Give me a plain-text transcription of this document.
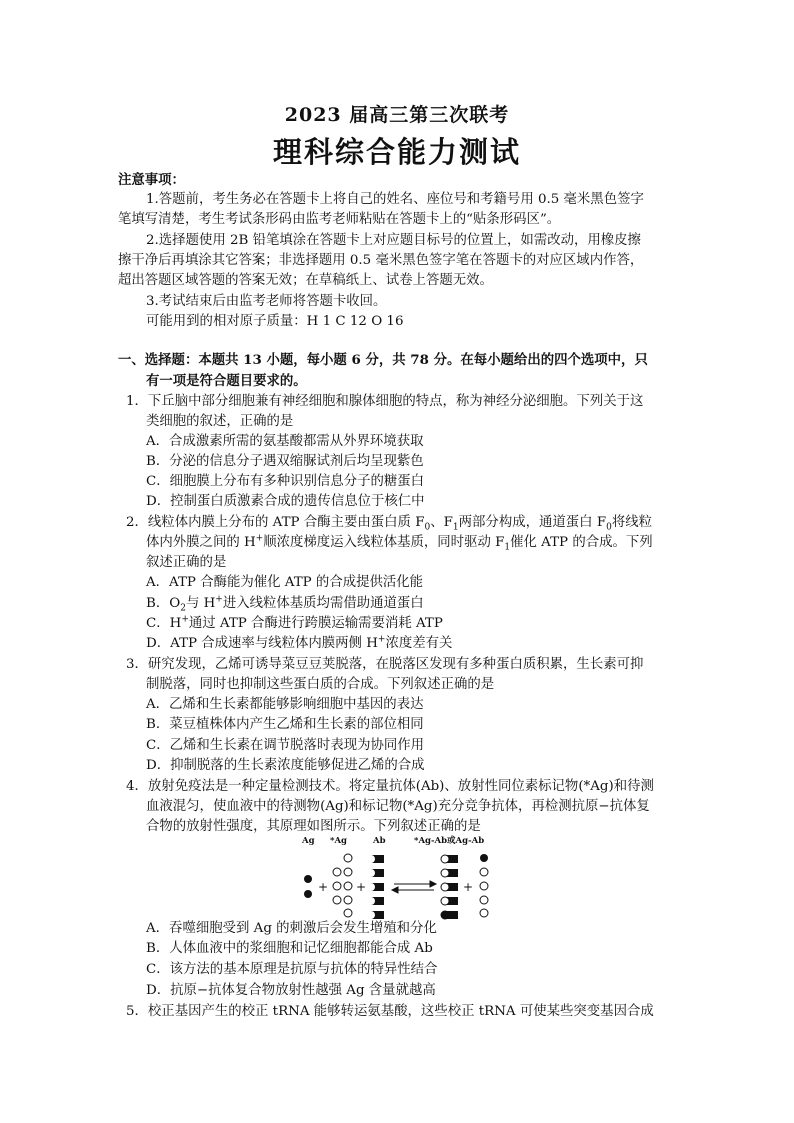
2023 届高三第三次联考
理科综合能力测试
注意事项：
1.答题前，考生务必在答题卡上将自己的姓名、座位号和考籍号用 0.5 毫米黑色签字
笔填写清楚，考生考试条形码由监考老师粘贴在答题卡上的“贴条形码区”。
2.选择题使用 2B 铅笔填涂在答题卡上对应题目标号的位置上，如需改动，用橡皮擦
擦干净后再填涂其它答案；非选择题用 0.5 毫米黑色签字笔在答题卡的对应区域内作答，
超出答题区域答题的答案无效；在草稿纸上、试卷上答题无效。
3.考试结束后由监考老师将答题卡收回。
可能用到的相对原子质量：H 1 C 12 O 16
一、选择题：本题共 13 小题，每小题 6 分，共 78 分。在每小题给出的四个选项中，只
有一项是符合题目要求的。
1．下丘脑中部分细胞兼有神经细胞和腺体细胞的特点，称为神经分泌细胞。下列关于这
类细胞的叙述，正确的是
A．合成激素所需的氨基酸都需从外界环境获取
B．分泌的信息分子遇双缩脲试剂后均呈现紫色
C．细胞膜上分布有多种识别信息分子的糖蛋白
D．控制蛋白质激素合成的遗传信息位于核仁中
2．线粒体内膜上分布的 ATP 合酶主要由蛋白质 $F_0$、$F_1$两部分构成，通道蛋白 $F_0$将线粒
体内外膜之间的 H+顺浓度梯度运入线粒体基质，同时驱动 $F_1$催化 ATP 的合成。下列
叙述正确的是
A．ATP 合酶能为催化 ATP 的合成提供活化能
B．$O_2$与 H+进入线粒体基质均需借助通道蛋白
C．H+通过 ATP 合酶进行跨膜运输需要消耗 ATP
D．ATP 合成速率与线粒体内膜两侧 H+浓度差有关
3．研究发现，乙烯可诱导菜豆豆荚脱落，在脱落区发现有多种蛋白质积累，生长素可抑
制脱落，同时也抑制这些蛋白质的合成。下列叙述正确的是
A．乙烯和生长素都能够影响细胞中基因的表达
B．菜豆植株体内产生乙烯和生长素的部位相同
C．乙烯和生长素在调节脱落时表现为协同作用
D．抑制脱落的生长素浓度能够促进乙烯的合成
4．放射免疫法是一种定量检测技术。将定量抗体(Ab)、放射性同位素标记物(*Ag)和待测
血液混匀，使血液中的待测物(Ag)和标记物(*Ag)充分竞争抗体，再检测抗原−抗体复
合物的放射性强度，其原理如图所示。下列叙述正确的是
Ag *Ag	Ab	*Ag-Ab或Ag-Ab
+ +	+
A．吞噬细胞受到 Ag 的刺激后会发生增殖和分化
B．人体血液中的浆细胞和记忆细胞都能合成 Ab
C．该方法的基本原理是抗原与抗体的特异性结合
D．抗原−抗体复合物放射性越强 Ag 含量就越高
5．校正基因产生的校正 tRNA 能够转运氨基酸，这些校正 tRNA 可使某些突变基因合成
